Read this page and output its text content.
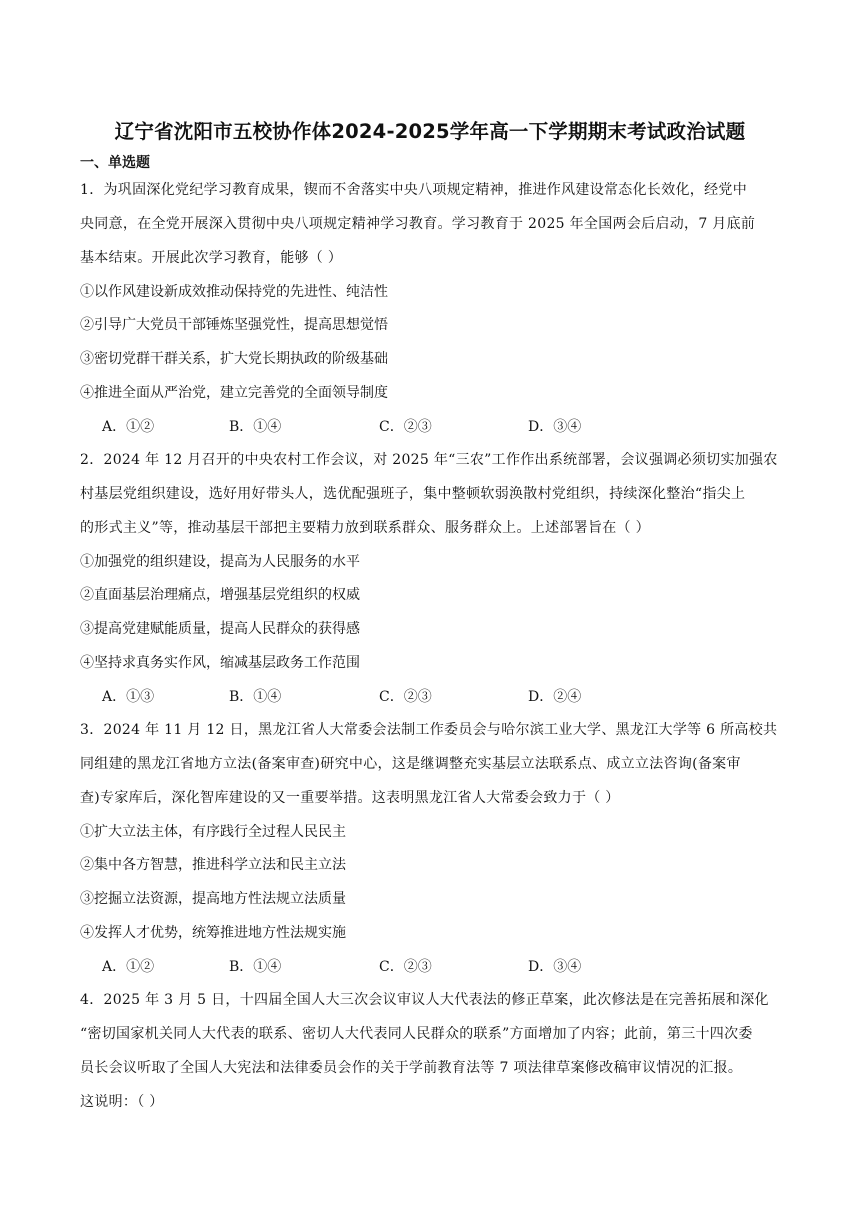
辽宁省沈阳市五校协作体2024-2025学年高一下学期期末考试政治试题
一、单选题
1．为巩固深化党纪学习教育成果，锲而不舍落实中央八项规定精神，推进作风建设常态化长效化，经党中
央同意，在全党开展深入贯彻中央八项规定精神学习教育。学习教育于 2025 年全国两会后启动，7 月底前
基本结束。开展此次学习教育，能够（ ）
①以作风建设新成效推动保持党的先进性、纯洁性
②引导广大党员干部锤炼坚强党性，提高思想觉悟
③密切党群干群关系，扩大党长期执政的阶级基础
④推进全面从严治党，建立完善党的全面领导制度
A．①②	B．①④	C．②③	D．③④
2．2024 年 12 月召开的中央农村工作会议，对 2025 年“三农”工作作出系统部署，会议强调必须切实加强农
村基层党组织建设，选好用好带头人，选优配强班子，集中整顿软弱涣散村党组织，持续深化整治“指尖上
的形式主义”等，推动基层干部把主要精力放到联系群众、服务群众上。上述部署旨在（ ）
①加强党的组织建设，提高为人民服务的水平
②直面基层治理痛点，增强基层党组织的权威
③提高党建赋能质量，提高人民群众的获得感
④坚持求真务实作风，缩减基层政务工作范围
A．①③	B．①④	C．②③	D．②④
3．2024 年 11 月 12 日，黑龙江省人大常委会法制工作委员会与哈尔滨工业大学、黑龙江大学等 6 所高校共
同组建的黑龙江省地方立法(备案审查)研究中心，这是继调整充实基层立法联系点、成立立法咨询(备案审
查)专家库后，深化智库建设的又一重要举措。这表明黑龙江省人大常委会致力于（ ）
①扩大立法主体，有序践行全过程人民民主
②集中各方智慧，推进科学立法和民主立法
③挖掘立法资源，提高地方性法规立法质量
④发挥人才优势，统筹推进地方性法规实施
A．①②	B．①④	C．②③	D．③④
4．2025 年 3 月 5 日，十四届全国人大三次会议审议人大代表法的修正草案，此次修法是在完善拓展和深化
“密切国家机关同人大代表的联系、密切人大代表同人民群众的联系”方面增加了内容；此前，第三十四次委
员长会议听取了全国人大宪法和法律委员会作的关于学前教育法等 7 项法律草案修改稿审议情况的汇报。
这说明：（ ）
